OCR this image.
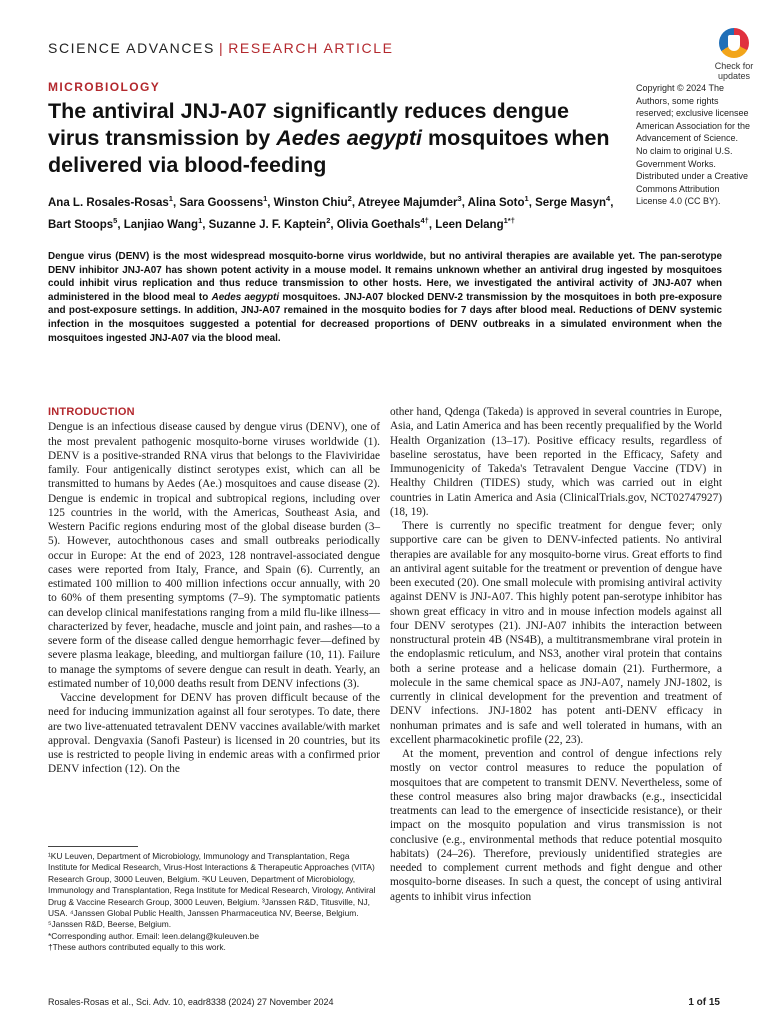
SCIENCE ADVANCES | RESEARCH ARTICLE
Check for
updates
MICROBIOLOGY
The antiviral JNJ-A07 significantly reduces dengue virus transmission by Aedes aegypti mosquitoes when delivered via blood-feeding
Copyright © 2024 The Authors, some rights reserved; exclusive licensee American Association for the Advancement of Science. No claim to original U.S. Government Works. Distributed under a Creative Commons Attribution License 4.0 (CC BY).
Ana L. Rosales-Rosas$^1$, Sara Goossens$^1$, Winston Chiu$^2$, Atreyee Majumder$^3$, Alina Soto$^1$, Serge Masyn$^4$, Bart Stoops$^5$, Lanjiao Wang$^1$, Suzanne J. F. Kaptein$^2$, Olivia Goethals$^{4\dagger}$, Leen Delang$^{1*\dagger}$
Dengue virus (DENV) is the most widespread mosquito-borne virus worldwide, but no antiviral therapies are available yet. The pan-serotype DENV inhibitor JNJ-A07 has shown potent activity in a mouse model. It remains unknown whether an antiviral drug ingested by mosquitoes could inhibit virus replication and thus reduce transmission to other hosts. Here, we investigated the antiviral activity of JNJ-A07 when administered in the blood meal to Aedes aegypti mosquitoes. JNJ-A07 blocked DENV-2 transmission by the mosquitoes in both pre-exposure and post-exposure settings. In addition, JNJ-A07 remained in the mosquito bodies for 7 days after blood meal. Reductions of DENV systemic infection in the mosquitoes suggested a potential for decreased proportions of DENV outbreaks in a simulated environment when the mosquitoes ingested JNJ-A07 via the blood meal.
INTRODUCTION

Dengue is an infectious disease caused by dengue virus (DENV), one of the most prevalent pathogenic mosquito-borne viruses worldwide (1). DENV is a positive-stranded RNA virus that belongs to the Flaviviridae family. Four antigenically distinct serotypes exist, which can all be transmitted to humans by Aedes (Ae.) mosquitoes and cause disease (2). Dengue is endemic in tropical and subtropical regions, including over 125 countries in the world, with the Americas, Southeast Asia, and Western Pacific regions enduring most of the global disease burden (3–5). However, autochthonous cases and small outbreaks periodically occur in Europe: At the end of 2023, 128 nontravel-associated dengue cases were reported from Italy, France, and Spain (6). Currently, an estimated 100 million to 400 million infections occur annually, with 20 to 60% of them presenting symptoms (7–9). The symptomatic patients can develop clinical manifestations ranging from a mild flu-like illness—characterized by fever, headache, muscle and joint pain, and rashes—to a severe form of the disease called dengue hemorrhagic fever—defined by severe plasma leakage, bleeding, and multiorgan failure (10, 11). Failure to manage the symptoms of severe dengue can result in death. Yearly, an estimated number of 10,000 deaths result from DENV infections (3).

Vaccine development for DENV has proven difficult because of the need for inducing immunization against all four serotypes. To date, there are two live-attenuated tetravalent DENV vaccines available/with market approval. Dengvaxia (Sanofi Pasteur) is licensed in 20 countries, but its use is restricted to people living in endemic areas with a confirmed prior DENV infection (12). On the

¹KU Leuven, Department of Microbiology, Immunology and Transplantation, Rega Institute for Medical Research, Virus-Host Interactions & Therapeutic Approaches (VITA) Research Group, 3000 Leuven, Belgium. ²KU Leuven, Department of Microbiology, Immunology and Transplantation, Rega Institute for Medical Research, Virology, Antiviral Drug & Vaccine Research Group, 3000 Leuven, Belgium. ³Janssen R&D, Titusville, NJ, USA. ⁴Janssen Global Public Health, Janssen Pharmaceutica NV, Beerse, Belgium. ⁵Janssen R&D, Beerse, Belgium.
*Corresponding author. Email: leen.delang@kuleuven.be
†These authors contributed equally to this work.

other hand, Qdenga (Takeda) is approved in several countries in Europe, Asia, and Latin America and has been recently prequalified by the World Health Organization (13–17). Positive efficacy results, regardless of baseline serostatus, have been reported in the Efficacy, Safety and Immunogenicity of Takeda's Tetravalent Dengue Vaccine (TDV) in Healthy Children (TIDES) study, which was carried out in eight countries in Latin America and Asia (ClinicalTrials.gov, NCT02747927) (18, 19).

There is currently no specific treatment for dengue fever; only supportive care can be given to DENV-infected patients. No antiviral therapies are available for any mosquito-borne virus. Great efforts to find an antiviral agent suitable for the treatment or prevention of dengue have been executed (20). One small molecule with promising antiviral activity against DENV is JNJ-A07. This highly potent pan-serotype inhibitor has shown great efficacy in vitro and in mouse infection models against all four DENV serotypes (21). JNJ-A07 inhibits the interaction between nonstructural protein 4B (NS4B), a multitransmembrane viral protein in the endoplasmic reticulum, and NS3, another viral protein that contains both a serine protease and a helicase domain (21). Furthermore, a molecule in the same chemical space as JNJ-A07, namely JNJ-1802, is currently in clinical development for the prevention and treatment of DENV infections. JNJ-1802 has potent anti-DENV efficacy in nonhuman primates and is safe and well tolerated in humans, with an excellent pharmacokinetic profile (22, 23).

At the moment, prevention and control of dengue infections rely mostly on vector control measures to reduce the population of mosquitoes that are competent to transmit DENV. Nevertheless, some of these control measures also bring major drawbacks (e.g., insecticidal treatments can lead to the emergence of insecticide resistance), or their impact on the mosquito population and virus transmission is not conclusive (e.g., environmental methods that reduce potential mosquito habitats) (24–26). Therefore, previously unidentified strategies are needed to complement current methods and fight dengue and other mosquito-borne diseases. In such a quest, the concept of using antiviral agents to inhibit virus infection

Rosales-Rosas et al., Sci. Adv. 10, eadr8338 (2024) 27 November 2024	1 of 15
